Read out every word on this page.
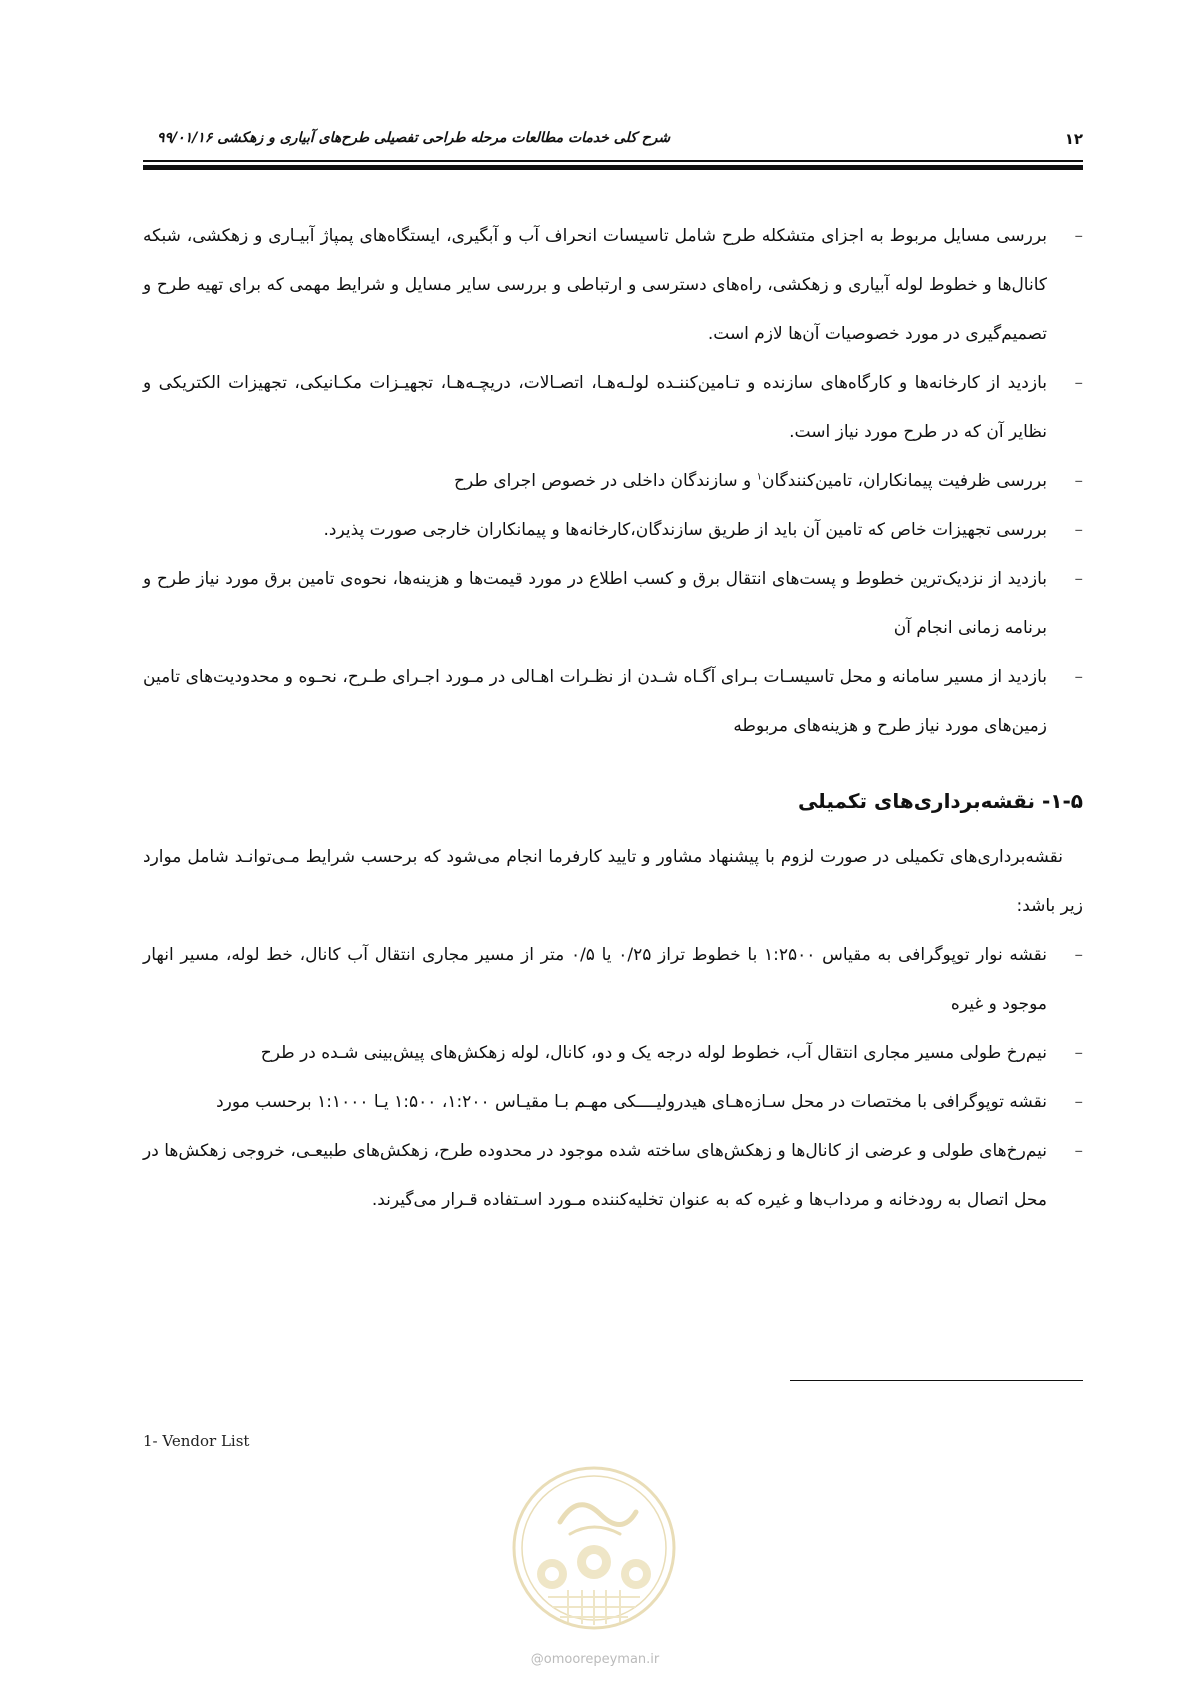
۱۲
شرح کلی خدمات مطالعات مرحله طراحی تفصیلی طرح‌های آبیاری و زهکشی ۹۹/۰۱/۱۶
– بررسی مسایل مربوط به اجزای متشکله طرح شامل تاسیسات انحراف آب و آبگیری، ایستگاه‌های پمپاژ آبیـاری و زهکشی، شبکه کانال‌ها و خطوط لوله آبیاری و زهکشی، راه‌های دسترسی و ارتباطی و بررسی سایر مسایل و شرایط مهمی که برای تهیه طرح و تصمیم‌گیری در مورد خصوصیات آن‌ها لازم است.
– بازدید از کارخانه‌ها و کارگاه‌های سازنده و تـامین‌کننـده لولـه‌هـا، اتصـالات، دریچـه‌هـا، تجهیـزات مکـانیکی، تجهیزات الکتریکی و نظایر آن که در طرح مورد نیاز است.
– بررسی ظرفیت پیمانکاران، تامین‌کنندگان$^۱$ و سازندگان داخلی در خصوص اجرای طرح
– بررسی تجهیزات خاص که تامین آن باید از طریق سازندگان،کارخانه‌ها و پیمانکاران خارجی صورت پذیرد.
– بازدید از نزدیک‌ترین خطوط و پست‌های انتقال برق و کسب اطلاع در مورد قیمت‌ها و هزینه‌ها، نحوه‌ی تامین برق مورد نیاز طرح و برنامه زمانی انجام آن
– بازدید از مسیر سامانه و محل تاسیسـات بـرای آگـاه شـدن از نظـرات اهـالی در مـورد اجـرای طـرح، نحـوه و محدودیت‌های تامین زمین‌های مورد نیاز طرح و هزینه‌های مربوطه
۱-۵- نقشه‌برداری‌های تکمیلی

نقشه‌برداری‌های تکمیلی در صورت لزوم با پیشنهاد مشاور و تایید کارفرما انجام می‌شود که برحسب شرایط مـی‌توانـد شامل موارد زیر باشد:

– نقشه نوار توپوگرافی به مقیاس ۱:۲۵۰۰ با خطوط تراز ۰/۲۵ یا ۰/۵ متر از مسیر مجاری انتقال آب کانال، خط لوله، مسیر انهار موجود و غیره
– نیم‌رخ طولی مسیر مجاری انتقال آب، خطوط لوله درجه یک و دو، کانال، لوله زهکش‌های پیش‌بینی شـده در طرح
– نقشه توپوگرافی با مختصات در محل سـازه‌هـای هیدرولیــــکی مهـم بـا مقیـاس ۱:۲۰۰، ۱:۵۰۰ یـا ۱:۱۰۰۰ برحسب مورد
– نیم‌رخ‌های طولی و عرضی از کانال‌ها و زهکش‌های ساخته شده موجود در محدوده طرح، زهکش‌های طبیعـی، خروجی زهکش‌ها در محل اتصال به رودخانه و مرداب‌ها و غیره که به عنوان تخلیه‌کننده مـورد اسـتفاده قـرار می‌گیرند.
1- Vendor List
@omoorepeyman.ir
